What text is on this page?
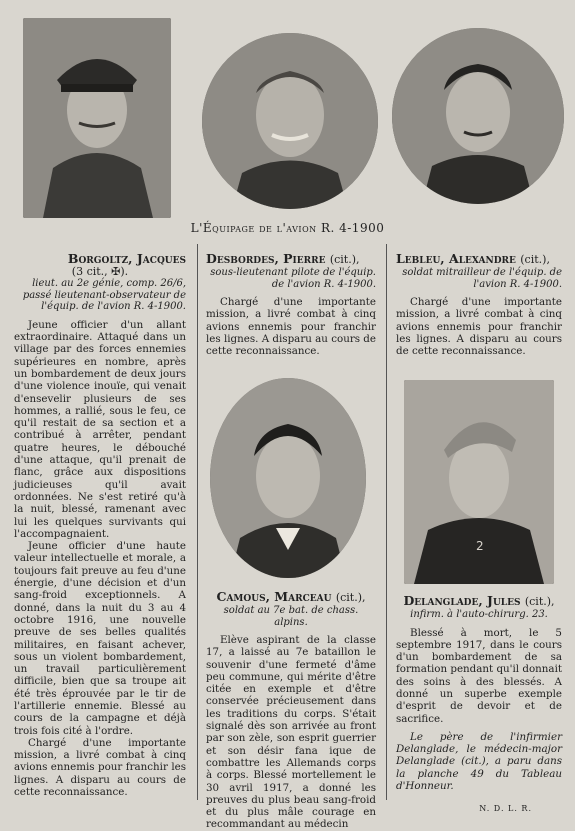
L'Équipage de l'avion R. 4-1900
Borgoltz, Jacques
(3 cit., ✠).
lieut. au 2e génie, comp. 26/6, passé lieutenant-observateur de l'équip. de l'avion R. 4-1900.

Jeune officier d'un allant extraordinaire. Attaqué dans un village par des forces ennemies supérieures en nombre, après un bombardement de deux jours d'une violence inouïe, qui venait d'ensevelir plusieurs de ses hommes, a rallié, sous le feu, ce qu'il restait de sa section et a contribué à arrêter, pendant quatre heures, le débouché d'une attaque, qu'il prenait de flanc, grâce aux dispositions judicieuses qu'il avait ordonnées. Ne s'est retiré qu'à la nuit, blessé, ramenant avec lui les quelques survivants qui l'accompagnaient.

Jeune officier d'une haute valeur intellectuelle et morale, a toujours fait preuve au feu d'une énergie, d'une décision et d'un sang-froid exceptionnels. A donné, dans la nuit du 3 au 4 octobre 1916, une nouvelle preuve de ses belles qualités militaires, en faisant achever, sous un violent bombardement, un travail particulièrement difficile, bien que sa troupe ait été très éprouvée par le tir de l'artillerie ennemie. Blessé au cours de la campagne et déjà trois fois cité à l'ordre.

Chargé d'une importante mission, a livré combat à cinq avions ennemis pour franchir les lignes. A disparu au cours de cette reconnaissance.

Desbordes, Pierre (cit.),
sous-lieutenant pilote de l'équip. de l'avion R. 4-1900.

Chargé d'une importante mission, a livré combat à cinq avions ennemis pour franchir les lignes. A disparu au cours de cette reconnaissance.

Lebleu, Alexandre (cit.),
soldat mitrailleur de l'équip. de l'avion R. 4-1900.

Chargé d'une importante mission, a livré combat à cinq avions ennemis pour franchir les lignes. A disparu au cours de cette reconnaissance.

2
Camous, Marceau (cit.),
soldat au 7e bat. de chass. alpins.

Elève aspirant de la classe 17, a laissé au 7e bataillon le souvenir d'une fermeté d'âme peu commune, qui mérite d'être citée en exemple et d'être conservée précieusement dans les traditions du corps. S'était signalé dès son arrivée au front par son zèle, son esprit guerrier et son désir fana ique de combattre les Allemands corps à corps. Blessé mortellement le 30 avril 1917, a donné les preuves du plus beau sang-froid et du plus mâle courage en recommandant au médecin

Delanglade, Jules (cit.),
infirm. à l'auto-chirurg. 23.

Blessé à mort, le 5 septembre 1917, dans le cours d'un bombardement de sa formation pendant qu'il donnait des soins à des blessés. A donné un superbe exemple d'esprit de devoir et de sacrifice.

Le père de l'infirmier Delanglade, le médecin-major Delanglade (cit.), a paru dans la planche 49 du Tableau d'Honneur.

N. D. L. R.
